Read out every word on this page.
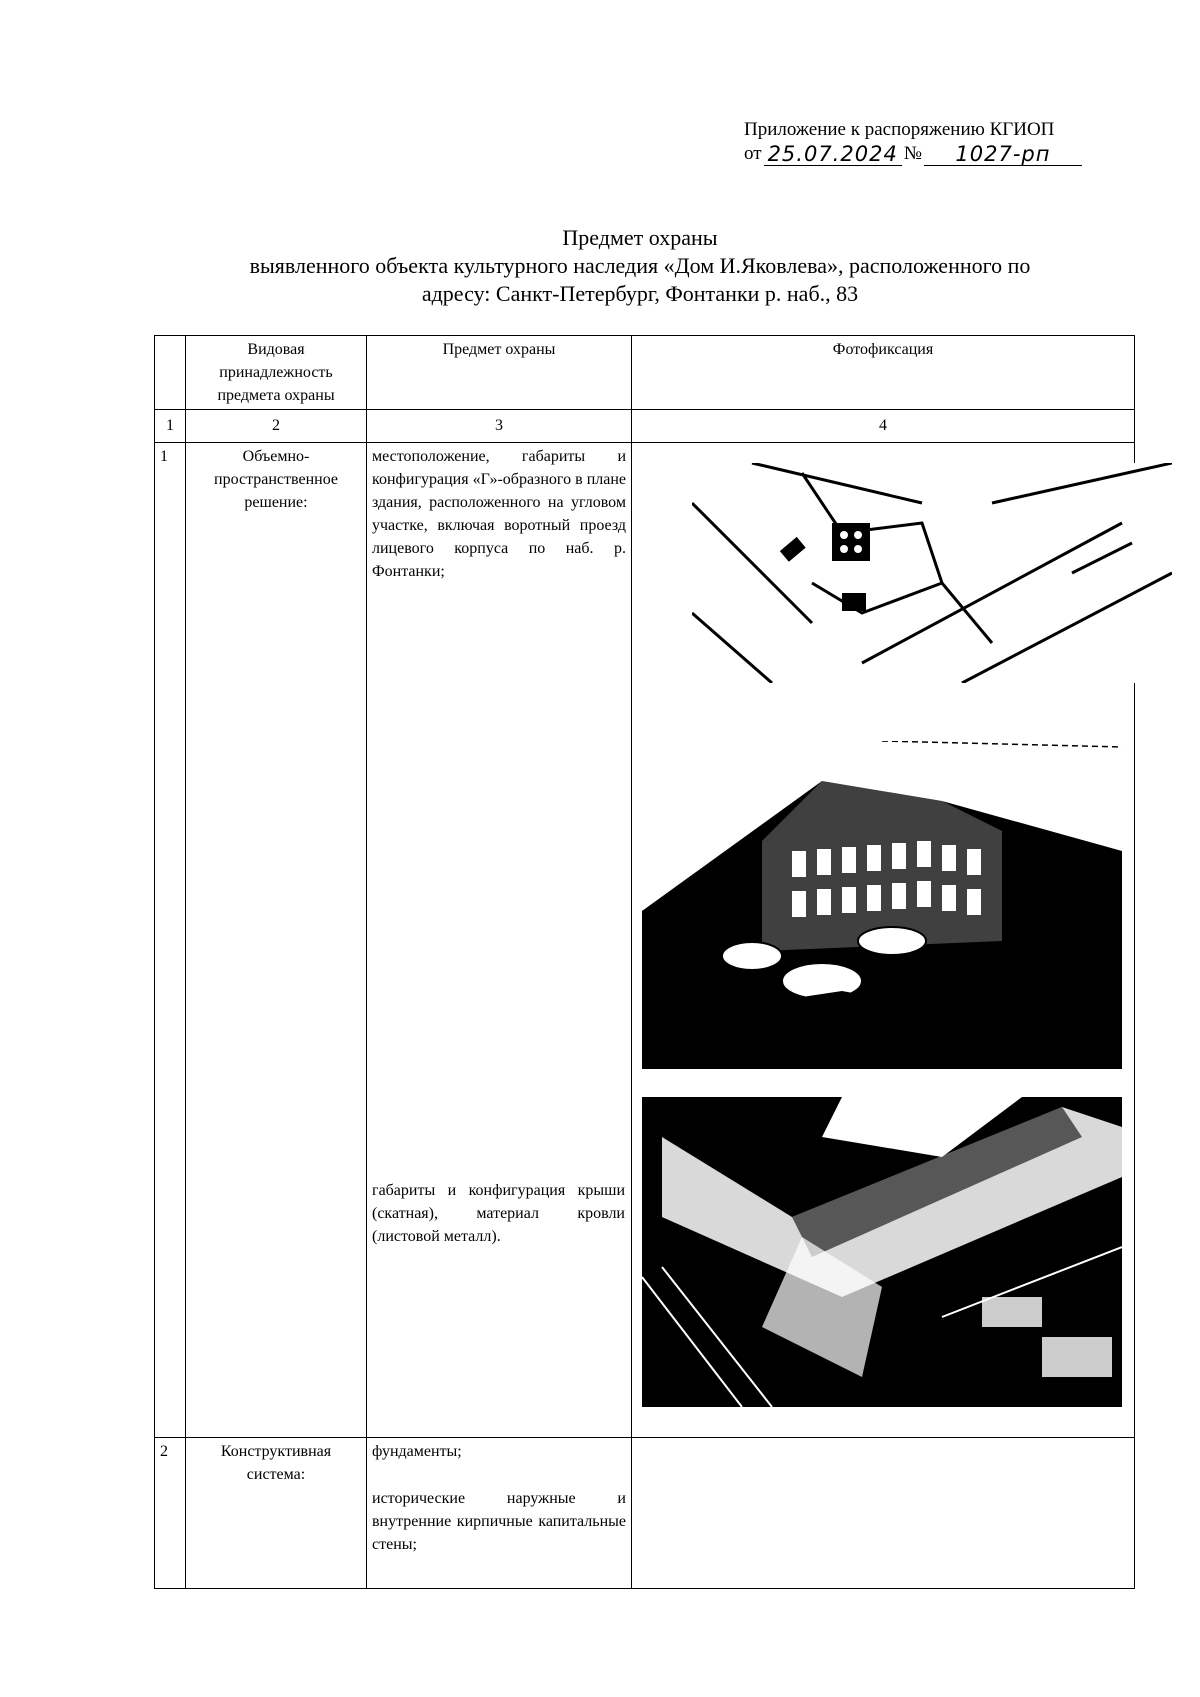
Приложение к распоряжению КГИОП
от 25.07.2024 №	1027-рп
Предмет охраны
выявленного объекта культурного наследия «Дом И.Яковлева», расположенного по
адресу: Санкт-Петербург, Фонтанки р. наб., 83
	Видовая принадлежность предмета охраны	Предмет охраны	Фотофиксация
1	2	3	4
1	Объемно-пространственное решение:	местоположение, габариты и конфигурация «Г»-образного в плане здания, расположенного на угловом участке, включая воротный проезд лицевого корпуса по наб. р. Фонтанки;
габариты и конфигурация крыши (скатная), материал кровли (листовой металл).

2	Конструктивная система:	фундаменты;

исторические наружные и внутренние кирпичные капитальные стены;	
